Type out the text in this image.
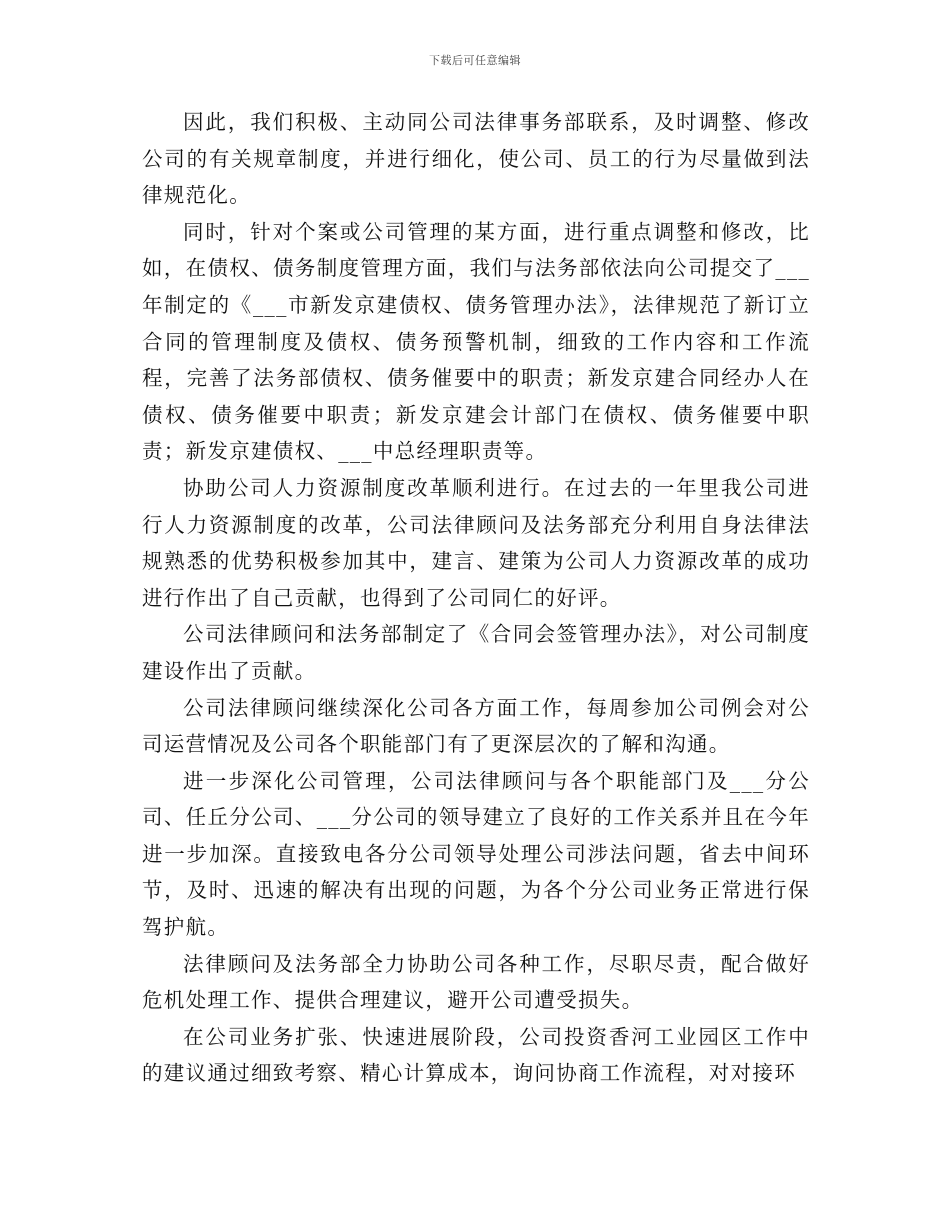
下载后可任意编辑

因此，我们积极、主动同公司法律事务部联系，及时调整、修改公司的有关规章制度，并进行细化，使公司、员工的行为尽量做到法律规范化。

同时，针对个案或公司管理的某方面，进行重点调整和修改，比如，在债权、债务制度管理方面，我们与法务部依法向公司提交了___年制定的《___市新发京建债权、债务管理办法》，法律规范了新订立合同的管理制度及债权、债务预警机制，细致的工作内容和工作流程，完善了法务部债权、债务催要中的职责；新发京建合同经办人在债权、债务催要中职责；新发京建会计部门在债权、债务催要中职责；新发京建债权、___中总经理职责等。

协助公司人力资源制度改革顺利进行。在过去的一年里我公司进行人力资源制度的改革，公司法律顾问及法务部充分利用自身法律法规熟悉的优势积极参加其中，建言、建策为公司人力资源改革的成功进行作出了自己贡献，也得到了公司同仁的好评。

公司法律顾问和法务部制定了《合同会签管理办法》，对公司制度建设作出了贡献。

公司法律顾问继续深化公司各方面工作，每周参加公司例会对公司运营情况及公司各个职能部门有了更深层次的了解和沟通。

进一步深化公司管理，公司法律顾问与各个职能部门及___分公司、任丘分公司、___分公司的领导建立了良好的工作关系并且在今年进一步加深。直接致电各分公司领导处理公司涉法问题，省去中间环节，及时、迅速的解决有出现的问题，为各个分公司业务正常进行保驾护航。

法律顾问及法务部全力协助公司各种工作，尽职尽责，配合做好危机处理工作、提供合理建议，避开公司遭受损失。

在公司业务扩张、快速进展阶段，公司投资香河工业园区工作中的建议通过细致考察、精心计算成本，询问协商工作流程，对对接环
